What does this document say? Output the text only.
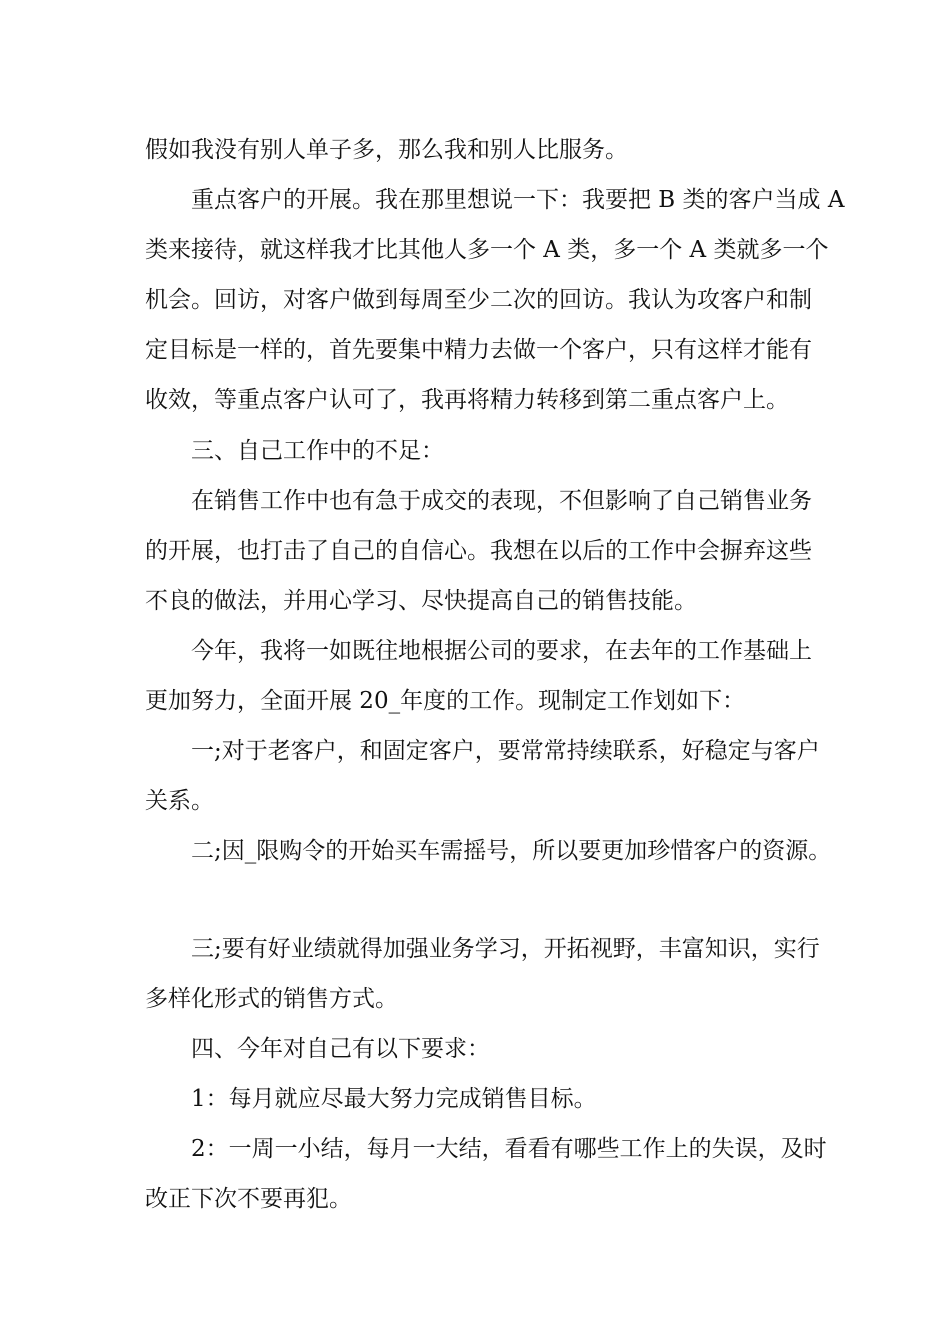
假如我没有别人单子多，那么我和别人比服务。
　　重点客户的开展。我在那里想说一下：我要把 B 类的客户当成 A
类来接待，就这样我才比其他人多一个 A 类，多一个 A 类就多一个
机会。回访，对客户做到每周至少二次的回访。我认为攻客户和制
定目标是一样的，首先要集中精力去做一个客户，只有这样才能有
收效，等重点客户认可了，我再将精力转移到第二重点客户上。
　　三、自己工作中的不足：
　　在销售工作中也有急于成交的表现，不但影响了自己销售业务
的开展，也打击了自己的自信心。我想在以后的工作中会摒弃这些
不良的做法，并用心学习、尽快提高自己的销售技能。
　　今年，我将一如既往地根据公司的要求，在去年的工作基础上
更加努力，全面开展 20_年度的工作。现制定工作划如下：
　　一;对于老客户，和固定客户，要常常持续联系，好稳定与客户
关系。
　　二;因_限购令的开始买车需摇号，所以要更加珍惜客户的资源。
　　三;要有好业绩就得加强业务学习，开拓视野，丰富知识，实行
多样化形式的销售方式。
　　四、今年对自己有以下要求：
　　1：每月就应尽最大努力完成销售目标。
　　2：一周一小结，每月一大结，看看有哪些工作上的失误，及时
改正下次不要再犯。
